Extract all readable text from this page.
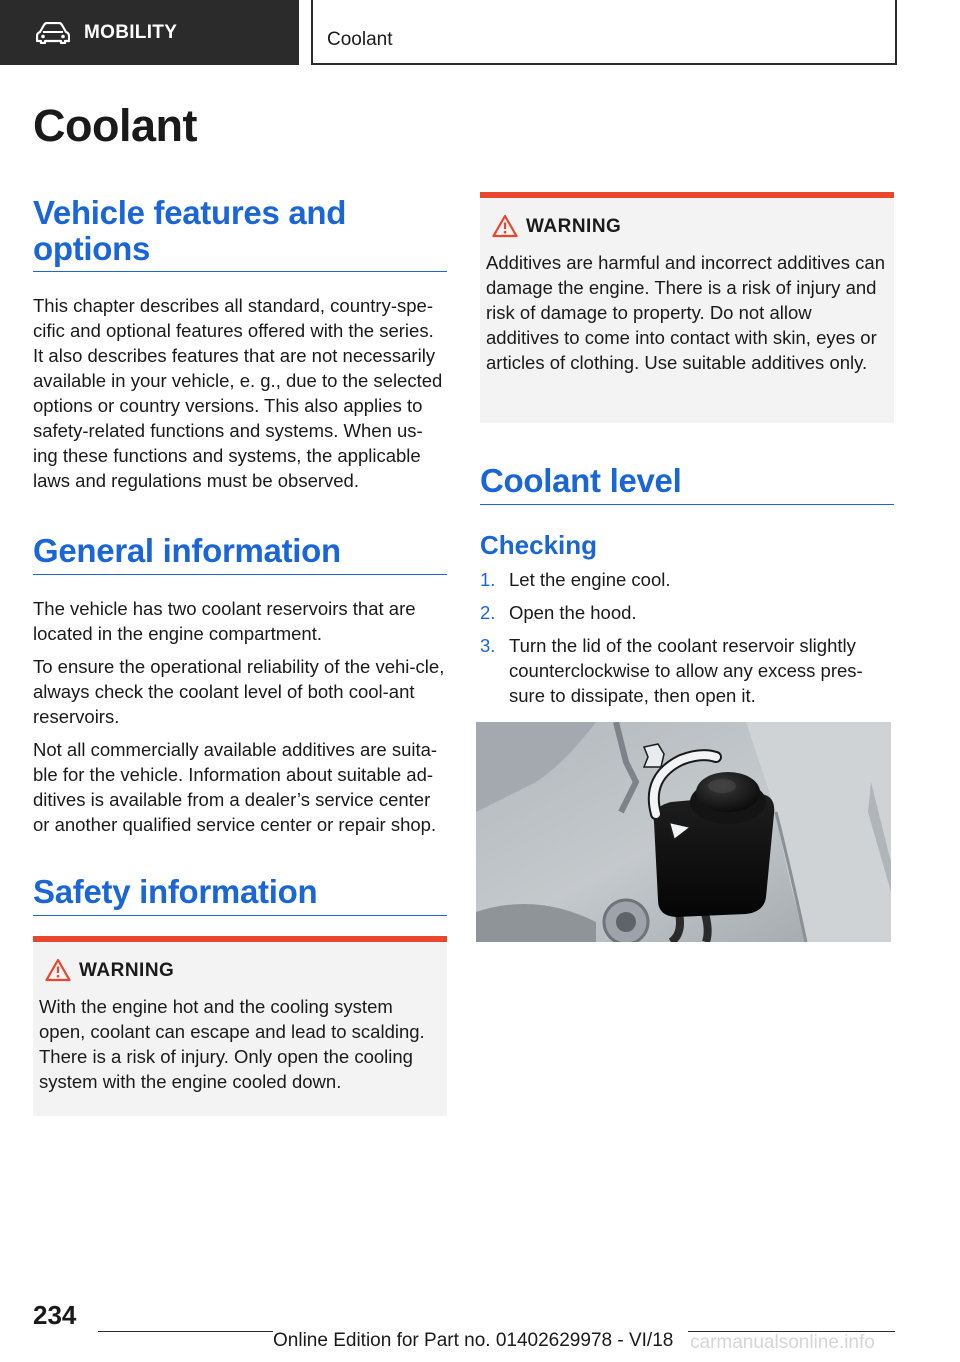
MOBILITY	Coolant
Coolant
Vehicle features and options

This chapter describes all standard, country-spe-cific and optional features offered with the series. It also describes features that are not necessarily available in your vehicle, e. g., due to the selected options or country versions. This also applies to safety-related functions and systems. When us-ing these functions and systems, the applicable laws and regulations must be observed.

General information

The vehicle has two coolant reservoirs that are located in the engine compartment.

To ensure the operational reliability of the vehi-cle, always check the coolant level of both cool-ant reservoirs.

Not all commercially available additives are suita-ble for the vehicle. Information about suitable ad-ditives is available from a dealer’s service center or another qualified service center or repair shop.

Safety information
WARNING
With the engine hot and the cooling system open, coolant can escape and lead to scalding. There is a risk of injury. Only open the cooling system with the engine cooled down.
WARNING
Additives are harmful and incorrect additives can damage the engine. There is a risk of injury and risk of damage to property. Do not allow additives to come into contact with skin, eyes or articles of clothing. Use suitable additives only.
Coolant level
Checking
1. Let the engine cool.
2. Open the hood.
3. Turn the lid of the coolant reservoir slightly counterclockwise to allow any excess pres-sure to dissipate, then open it.
234
Online Edition for Part no. 01402629978 - VI/18 carmanualsonline.info
